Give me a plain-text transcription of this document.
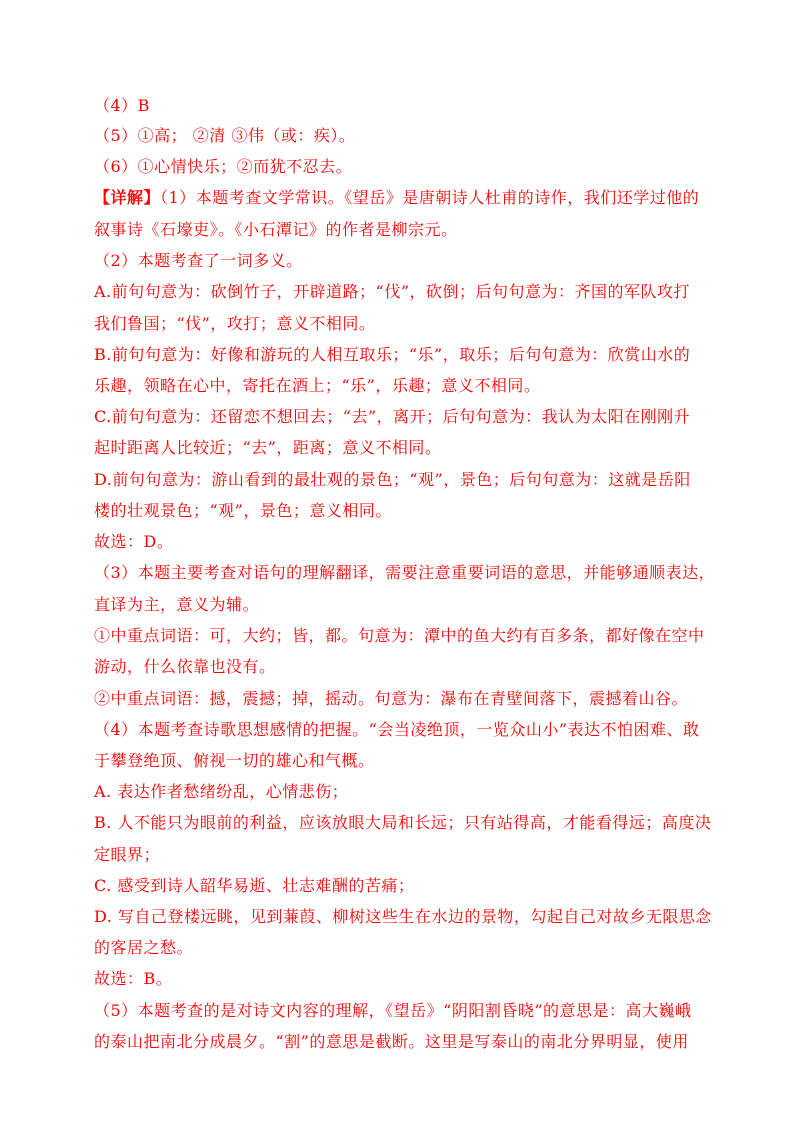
（4）B
（5）①高； ②清 ③伟（或：疾）。
（6）①心情快乐；②而犹不忍去。
【详解】（1）本题考查文学常识。《望岳》是唐朝诗人杜甫的诗作，我们还学过他的
叙事诗《石壕吏》。《小石潭记》的作者是柳宗元。
（2）本题考查了一词多义。
A.前句句意为：砍倒竹子，开辟道路；“伐”，砍倒；后句句意为：齐国的军队攻打
我们鲁国；“伐”，攻打；意义不相同。
B.前句句意为：好像和游玩的人相互取乐；“乐”，取乐；后句句意为：欣赏山水的
乐趣，领略在心中，寄托在酒上；“乐”，乐趣；意义不相同。
C.前句句意为：还留恋不想回去；“去”，离开；后句句意为：我认为太阳在刚刚升
起时距离人比较近；“去”，距离；意义不相同。
D.前句句意为：游山看到的最壮观的景色；“观”，景色；后句句意为：这就是岳阳
楼的壮观景色；“观”，景色；意义相同。
故选：D。
（3）本题主要考查对语句的理解翻译，需要注意重要词语的意思，并能够通顺表达，
直译为主，意义为辅。
①中重点词语：可，大约；皆，都。句意为：潭中的鱼大约有百多条，都好像在空中
游动，什么依靠也没有。
②中重点词语：撼，震撼；掉，摇动。句意为：瀑布在青壁间落下，震撼着山谷。
（4）本题考查诗歌思想感情的把握。“会当凌绝顶，一览众山小”表达不怕困难、敢
于攀登绝顶、俯视一切的雄心和气概。
A. 表达作者愁绪纷乱，心情悲伤；
B. 人不能只为眼前的利益，应该放眼大局和长远；只有站得高，才能看得远；高度决
定眼界；
C. 感受到诗人韶华易逝、壮志难酬的苦痛；
D. 写自己登楼远眺，见到蒹葭、柳树这些生在水边的景物，勾起自己对故乡无限思念
的客居之愁。
故选：B。
（5）本题考查的是对诗文内容的理解，《望岳》“阴阳割昏晓”的意思是：高大巍峨
的泰山把南北分成晨夕。“割”的意思是截断。这里是写泰山的南北分界明显，使用
